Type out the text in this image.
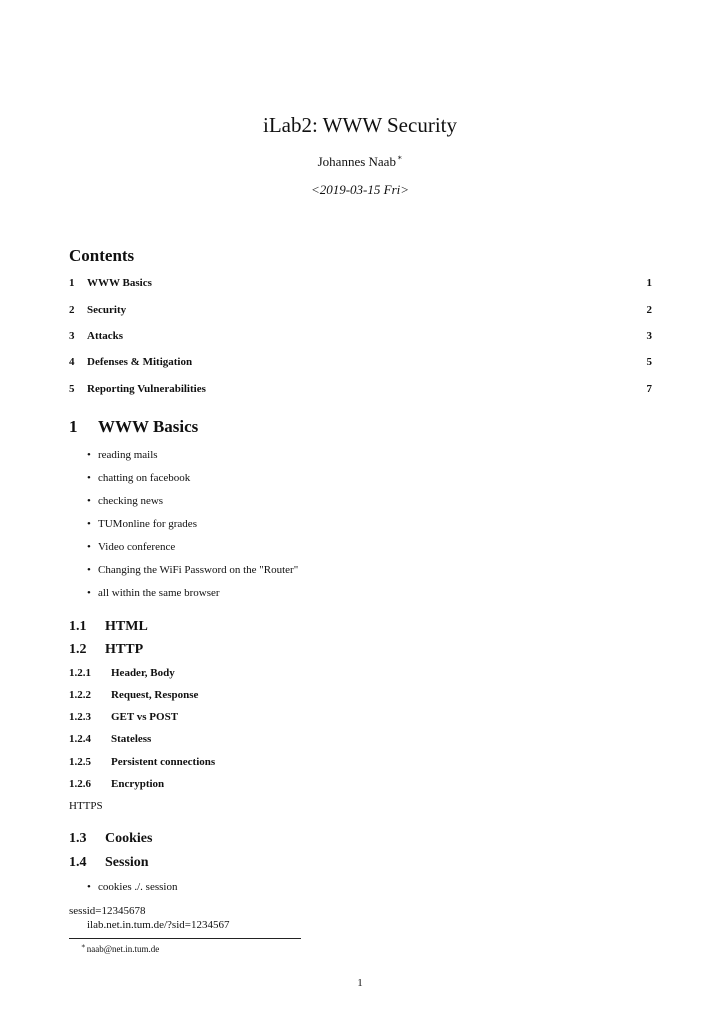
iLab2: WWW Security
Johannes Naab∗
<2019-03-15 Fri>
Contents
1 WWW Basics	1
2 Security	2
3 Attacks	3
4 Defenses & Mitigation	5
5 Reporting Vulnerabilities	7
1 WWW Basics
• reading mails
• chatting on facebook
• checking news
• TUMonline for grades
• Video conference
• Changing the WiFi Password on the "Router"
• all within the same browser
1.1 HTML
1.2 HTTP
1.2.1 Header, Body
1.2.2 Request, Response
1.2.3 GET vs POST
1.2.4 Stateless
1.2.5 Persistent connections
1.2.6 Encryption
HTTPS
1.3 Cookies
1.4 Session
• cookies ./. session
sessid=12345678
ilab.net.in.tum.de/?sid=1234567
∗naab@net.in.tum.de
1
